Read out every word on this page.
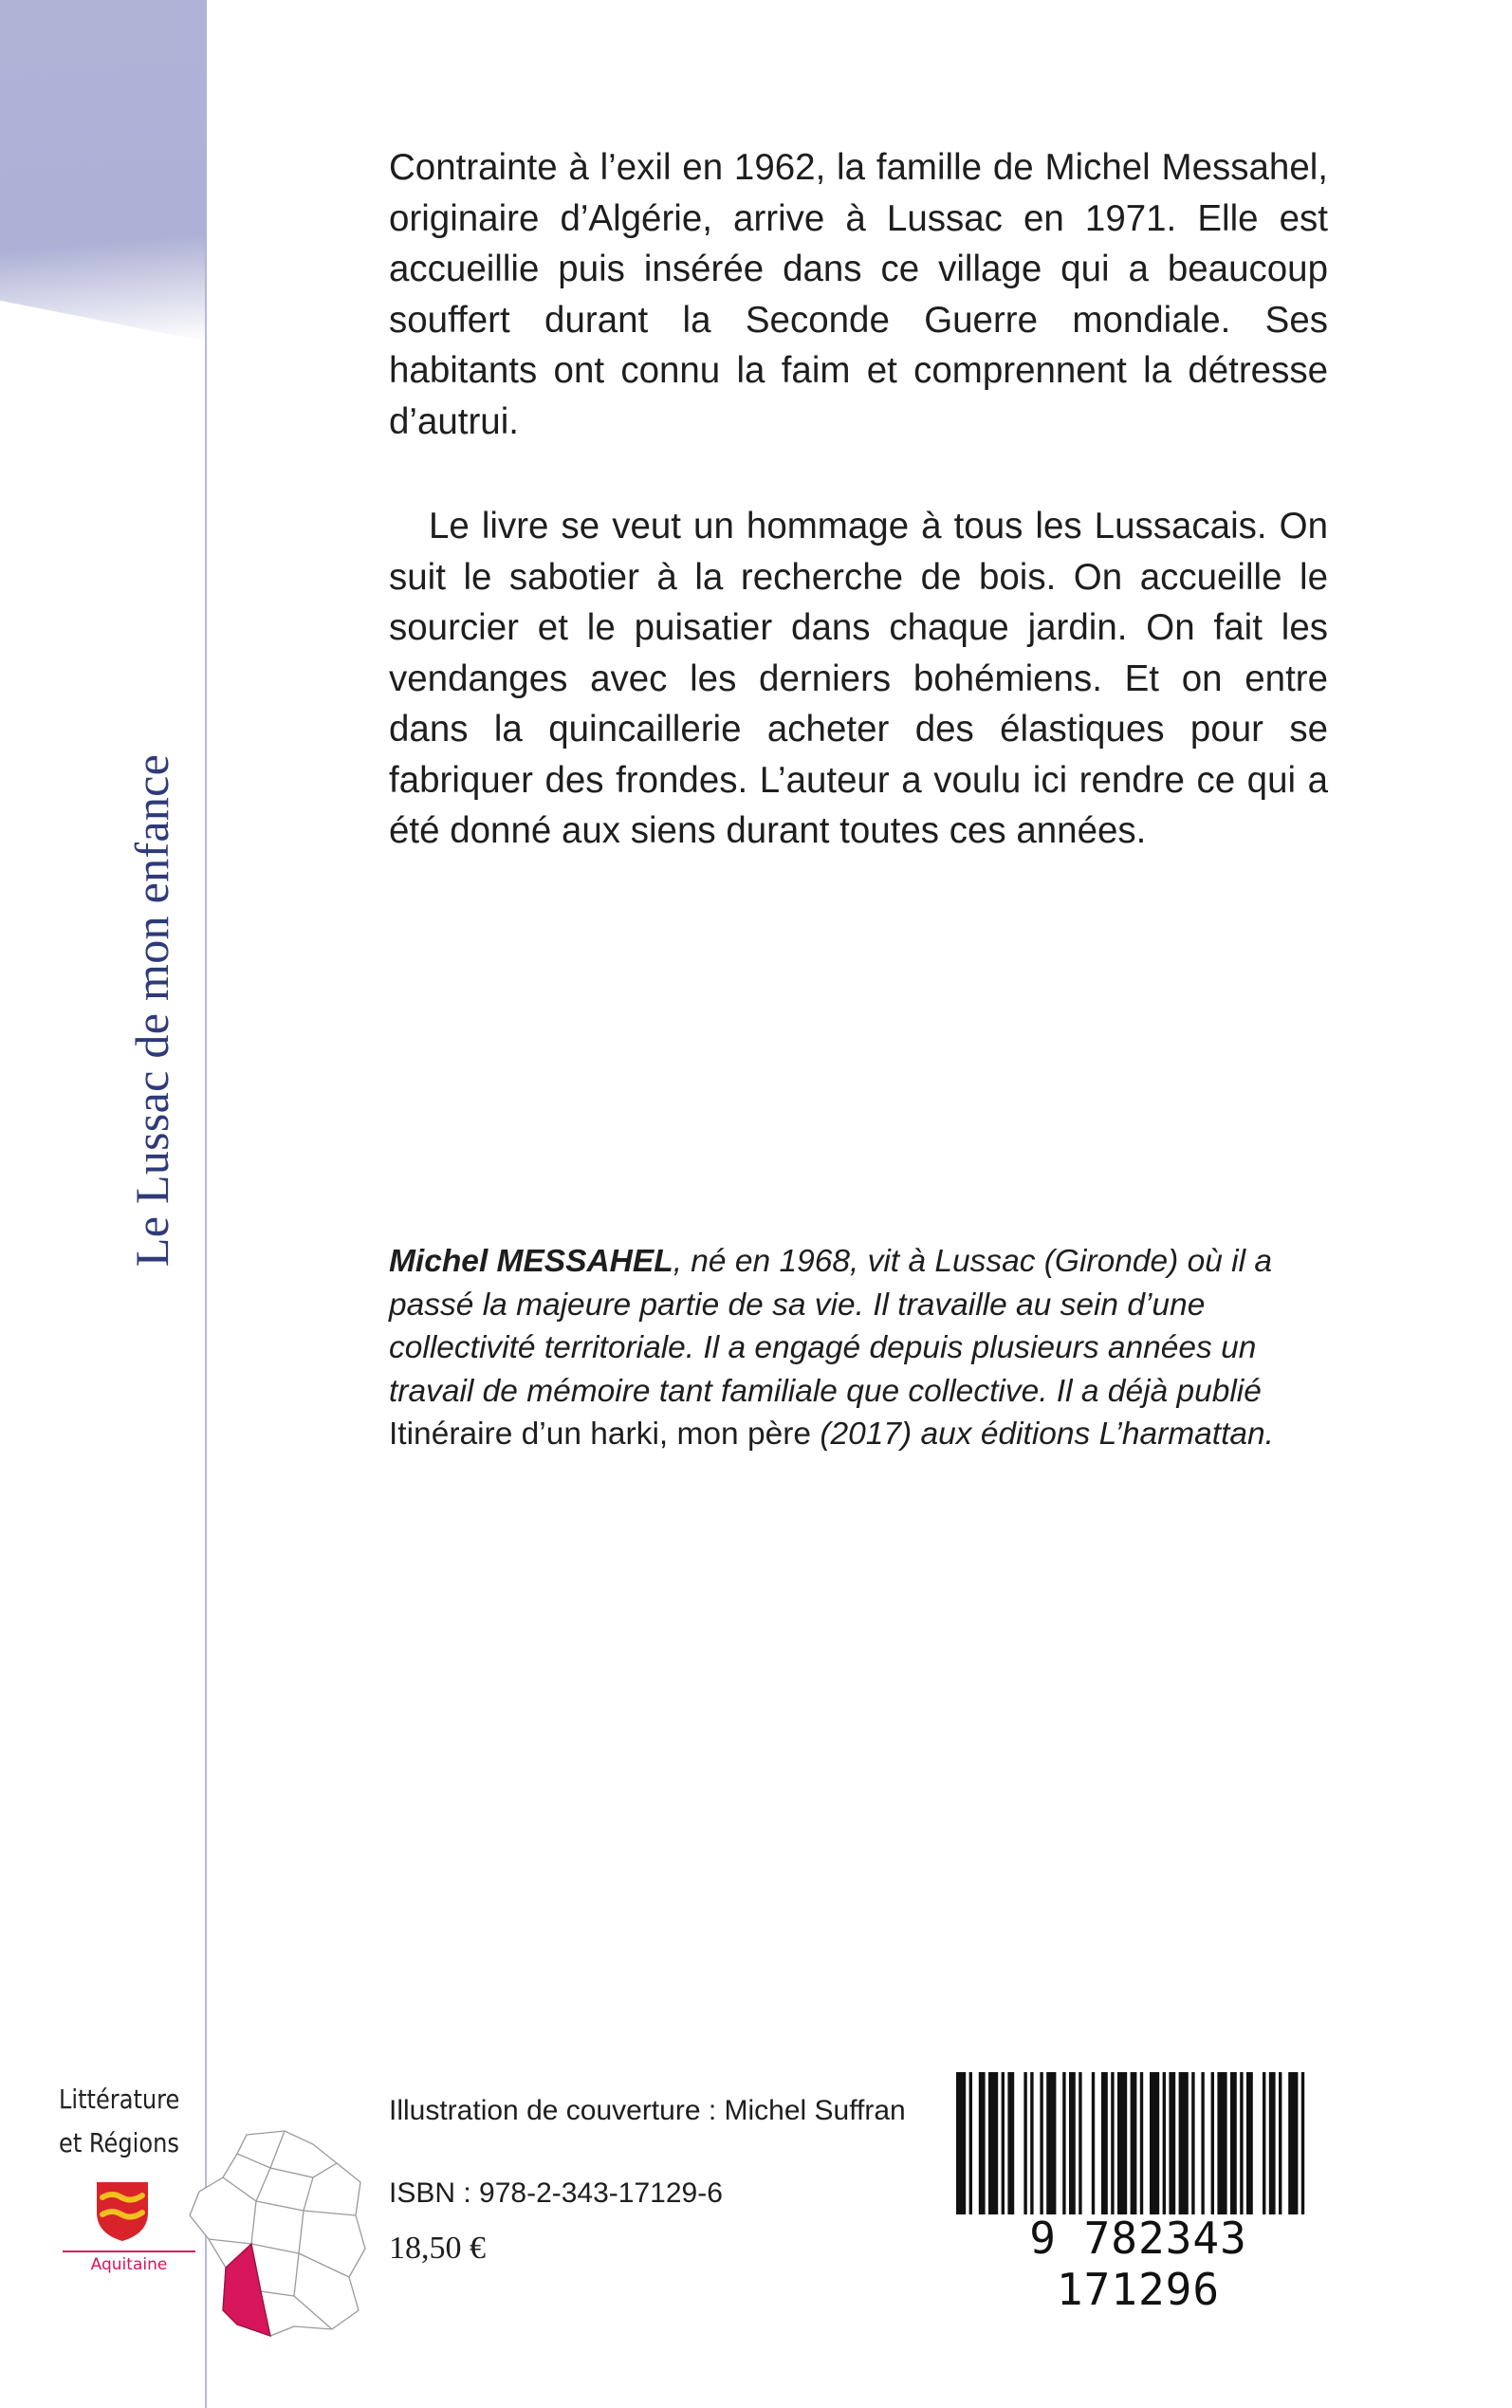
Le Lussac de mon enfance

Contrainte à l’exil en 1962, la famille de Michel Messahel, originaire d’Algérie, arrive à Lussac en 1971. Elle est accueillie puis insérée dans ce village qui a beaucoup souffert durant la Seconde Guerre mondiale. Ses habitants ont connu la faim et comprennent la détresse d’autrui.

Le livre se veut un hommage à tous les Lussacais. On suit le sabotier à la recherche de bois. On accueille le sourcier et le puisatier dans chaque jardin. On fait les vendanges avec les derniers bohémiens. Et on entre dans la quincaillerie acheter des élastiques pour se fabriquer des frondes. L’auteur a voulu ici rendre ce qui a été donné aux siens durant toutes ces années.

Michel MESSAHEL, né en 1968, vit à Lussac (Gironde) où il a passé la majeure partie de sa vie. Il travaille au sein d’une collectivité territoriale. Il a engagé depuis plusieurs années un travail de mémoire tant familiale que collective. Il a déjà publié Itinéraire d’un harki, mon père (2017) aux éditions L’harmattan.

Littérature
et Régions
Aquitaine
Illustration de couverture : Michel Suffran
ISBN : 978-2-343-17129-6
18,50 €	9 782343 171296
